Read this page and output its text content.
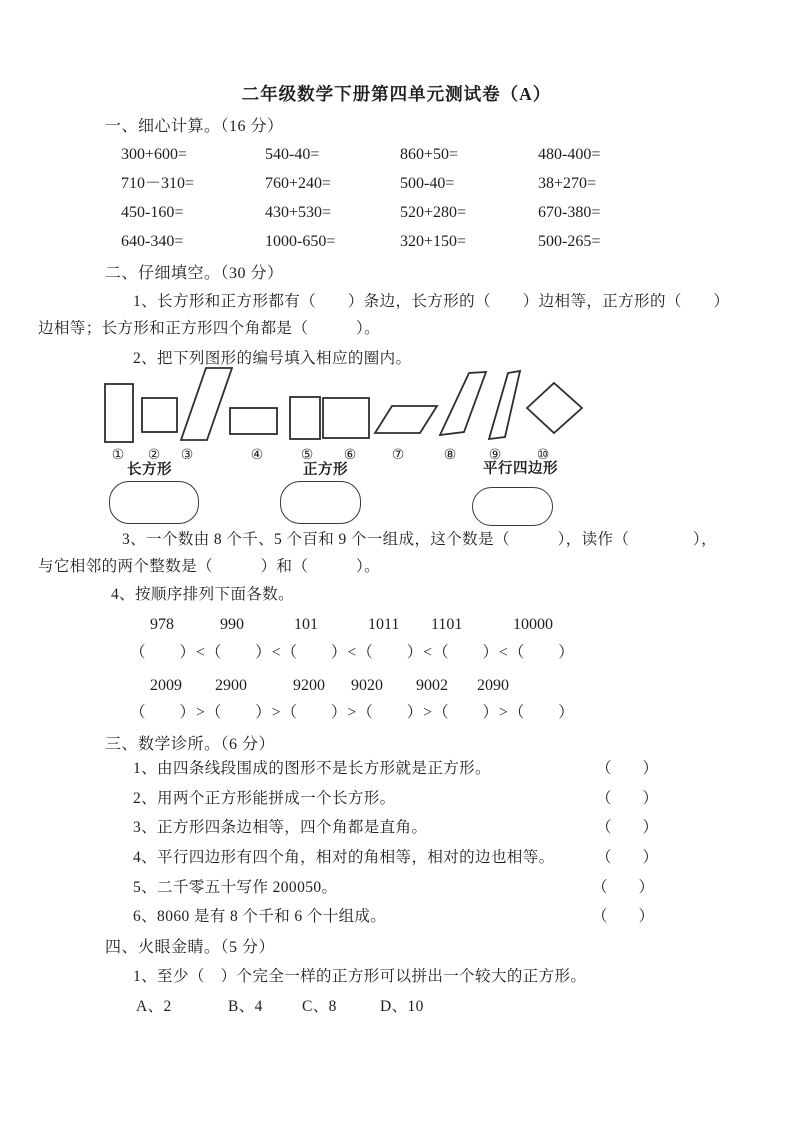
二年级数学下册第四单元测试卷（A）
一、细心计算。（16 分）
300+600=	540-40=	860+50=	480-400=
710－310=	760+240=	500-40=	38+270=
450-160=	430+530=	520+280=	670-380=
640-340=	1000-650=	320+150=	500-265=
二、仔细填空。（30 分）
1、长方形和正方形都有（　　）条边，长方形的（　　）边相等，正方形的（　　）
边相等；长方形和正方形四个角都是（　　　）。
2、把下列图形的编号填入相应的圈内。
① ② ③	④	⑤ ⑥	⑦	⑧ ⑨	⑩
长方形	正方形	平行四边形
3、一个数由 8 个千、5 个百和 9 个一组成，这个数是（　　　），读作（　　　　），
与它相邻的两个整数是（　　　）和（　　　）。
4、按顺序排列下面各数。
978	990	101	1011 1101	10000
（　　）<（　　）<（　　）<（　　）<（　　）<（　　）
2009 2900	9200 9020 9002 2090
（　　）>（　　）>（　　）>（　　）>（　　）>（　　）
三、数学诊所。（6 分）
1、由四条线段围成的图形不是长方形就是正方形。	（　　）
2、用两个正方形能拼成一个长方形。	（　　）
3、正方形四条边相等，四个角都是直角。	（　　）
4、平行四边形有四个角，相对的角相等，相对的边也相等。	（　　）
5、二千零五十写作 200050。	（　　）
6、8060 是有 8 个千和 6 个十组成。	（　　）
四、火眼金睛。（5 分）
1、至少（　）个完全一样的正方形可以拼出一个较大的正方形。
A、2	B、4	C、8	D、10
